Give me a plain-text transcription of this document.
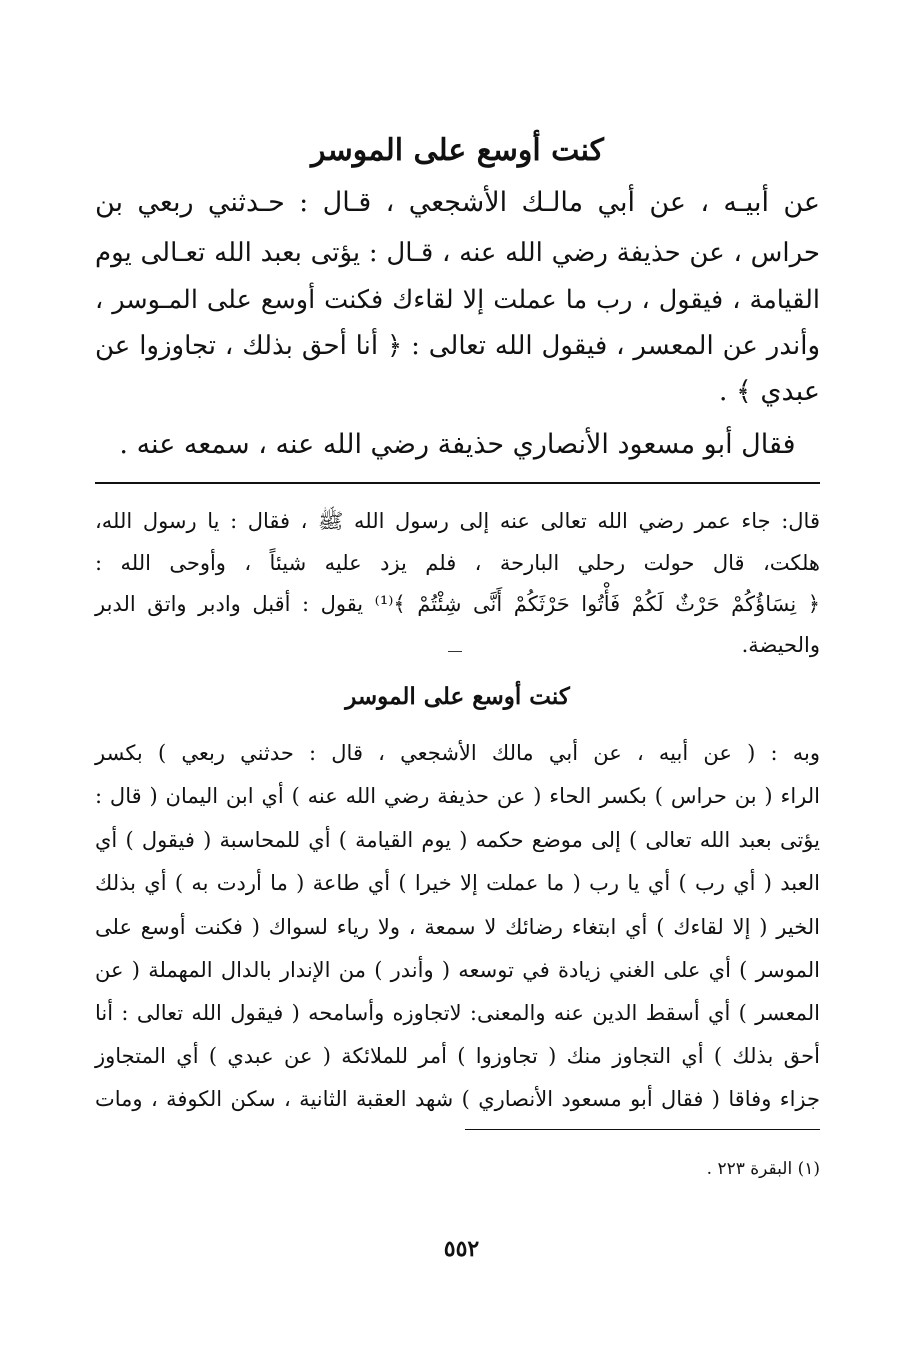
كنت أوسع على الموسر
عن أبيـه ، عن أبي مالـك الأشجعي ، قـال : حـدثني ربعي بن
حراس ، عن حذيفة رضي الله عنه ، قـال : يؤتى بعبد الله تعـالى يوم
القيامة ، فيقول ، رب ما عملت إلا لقاءك فكنت أوسع على المـوسر ،
وأندر عن المعسر ، فيقول الله تعالى : ﴿ أنا أحق بذلك ، تجاوزوا عن
عبدي ﴾ .
فقال أبو مسعود الأنصاري حذيفة رضي الله عنه ، سمعه عنه .
قال: جاء عمر رضي الله تعالى عنه إلى رسول الله ﷺ ، فقال : يا رسول الله،
هلكت، قال حولت رحلي البارحة ، فلم يزد عليه شيئاً ، وأوحى الله :
﴿ نِسَاؤُكُمْ حَرْثٌ لَكُمْ فَأْتُوا حَرْثَكُمْ أَنَّى شِئْتُمْ ﴾⁽¹⁾ يقول : أقبل وادبر واتق الدبر
والحيضة.
كنت أوسع على الموسر
وبه : ( عن أبيه ، عن أبي مالك الأشجعي ، قال : حدثني ربعي ) بكسر
الراء ( بن حراس ) بكسر الحاء ( عن حذيفة رضي الله عنه ) أي ابن اليمان ( قال :
يؤتى بعبد الله تعالى ) إلى موضع حكمه ( يوم القيامة ) أي للمحاسبة ( فيقول ) أي
العبد ( أي رب ) أي يا رب ( ما عملت إلا خيرا ) أي طاعة ( ما أردت به ) أي بذلك
الخير ( إلا لقاءك ) أي ابتغاء رضائك لا سمعة ، ولا رياء لسواك ( فكنت أوسع على
الموسر ) أي على الغني زيادة في توسعه ( وأندر ) من الإندار بالدال المهملة ( عن
المعسر ) أي أسقط الدين عنه والمعنى: لاتجاوزه وأسامحه ( فيقول الله تعالى : أنا
أحق بذلك ) أي التجاوز منك ( تجاوزوا ) أمر للملائكة ( عن عبدي ) أي المتجاوز
جزاء وفاقا ( فقال أبو مسعود الأنصاري ) شهد العقبة الثانية ، سكن الكوفة ، ومات
(١) البقرة ٢٢٣ .
٥٥٢
